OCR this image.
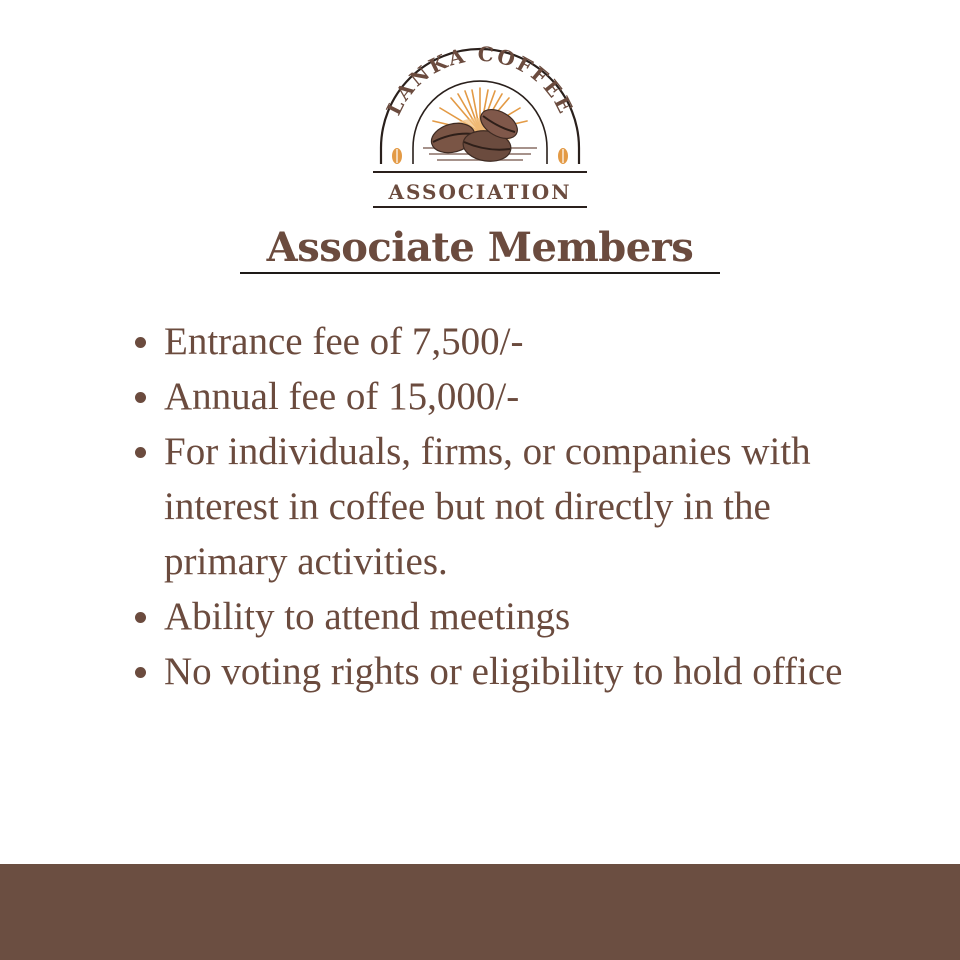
LANKA COFFEE
ASSOCIATION
Associate Members
Entrance fee of 7,500/-
Annual fee of 15,000/-
For individuals, firms, or companies with interest in coffee but not directly in the primary activities.
Ability to attend meetings
No voting rights or eligibility to hold office
